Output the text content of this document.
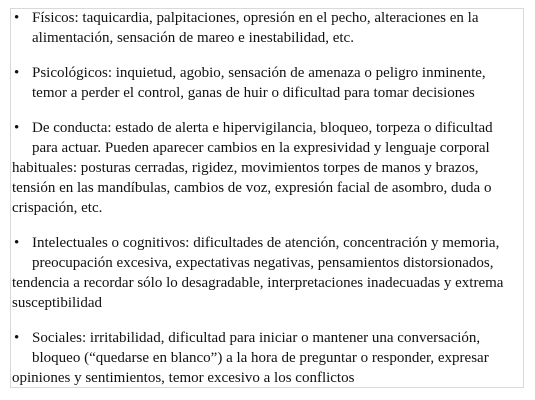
• Físicos: taquicardia, palpitaciones, opresión en el pecho, alteraciones en la
alimentación, sensación de mareo e inestabilidad, etc.
• Psicológicos: inquietud, agobio, sensación de amenaza o peligro inminente,
temor a perder el control, ganas de huir o dificultad para tomar decisiones
• De conducta: estado de alerta e hipervigilancia, bloqueo, torpeza o dificultad
para actuar. Pueden aparecer cambios en la expresividad y lenguaje corporal
habituales: posturas cerradas, rigidez, movimientos torpes de manos y brazos,
tensión en las mandíbulas, cambios de voz, expresión facial de asombro, duda o
crispación, etc.
• Intelectuales o cognitivos: dificultades de atención, concentración y memoria,
preocupación excesiva, expectativas negativas, pensamientos distorsionados,
tendencia a recordar sólo lo desagradable, interpretaciones inadecuadas y extrema
susceptibilidad
• Sociales: irritabilidad, dificultad para iniciar o mantener una conversación,
bloqueo (“quedarse en blanco”) a la hora de preguntar o responder, expresar
opiniones y sentimientos, temor excesivo a los conflictos
